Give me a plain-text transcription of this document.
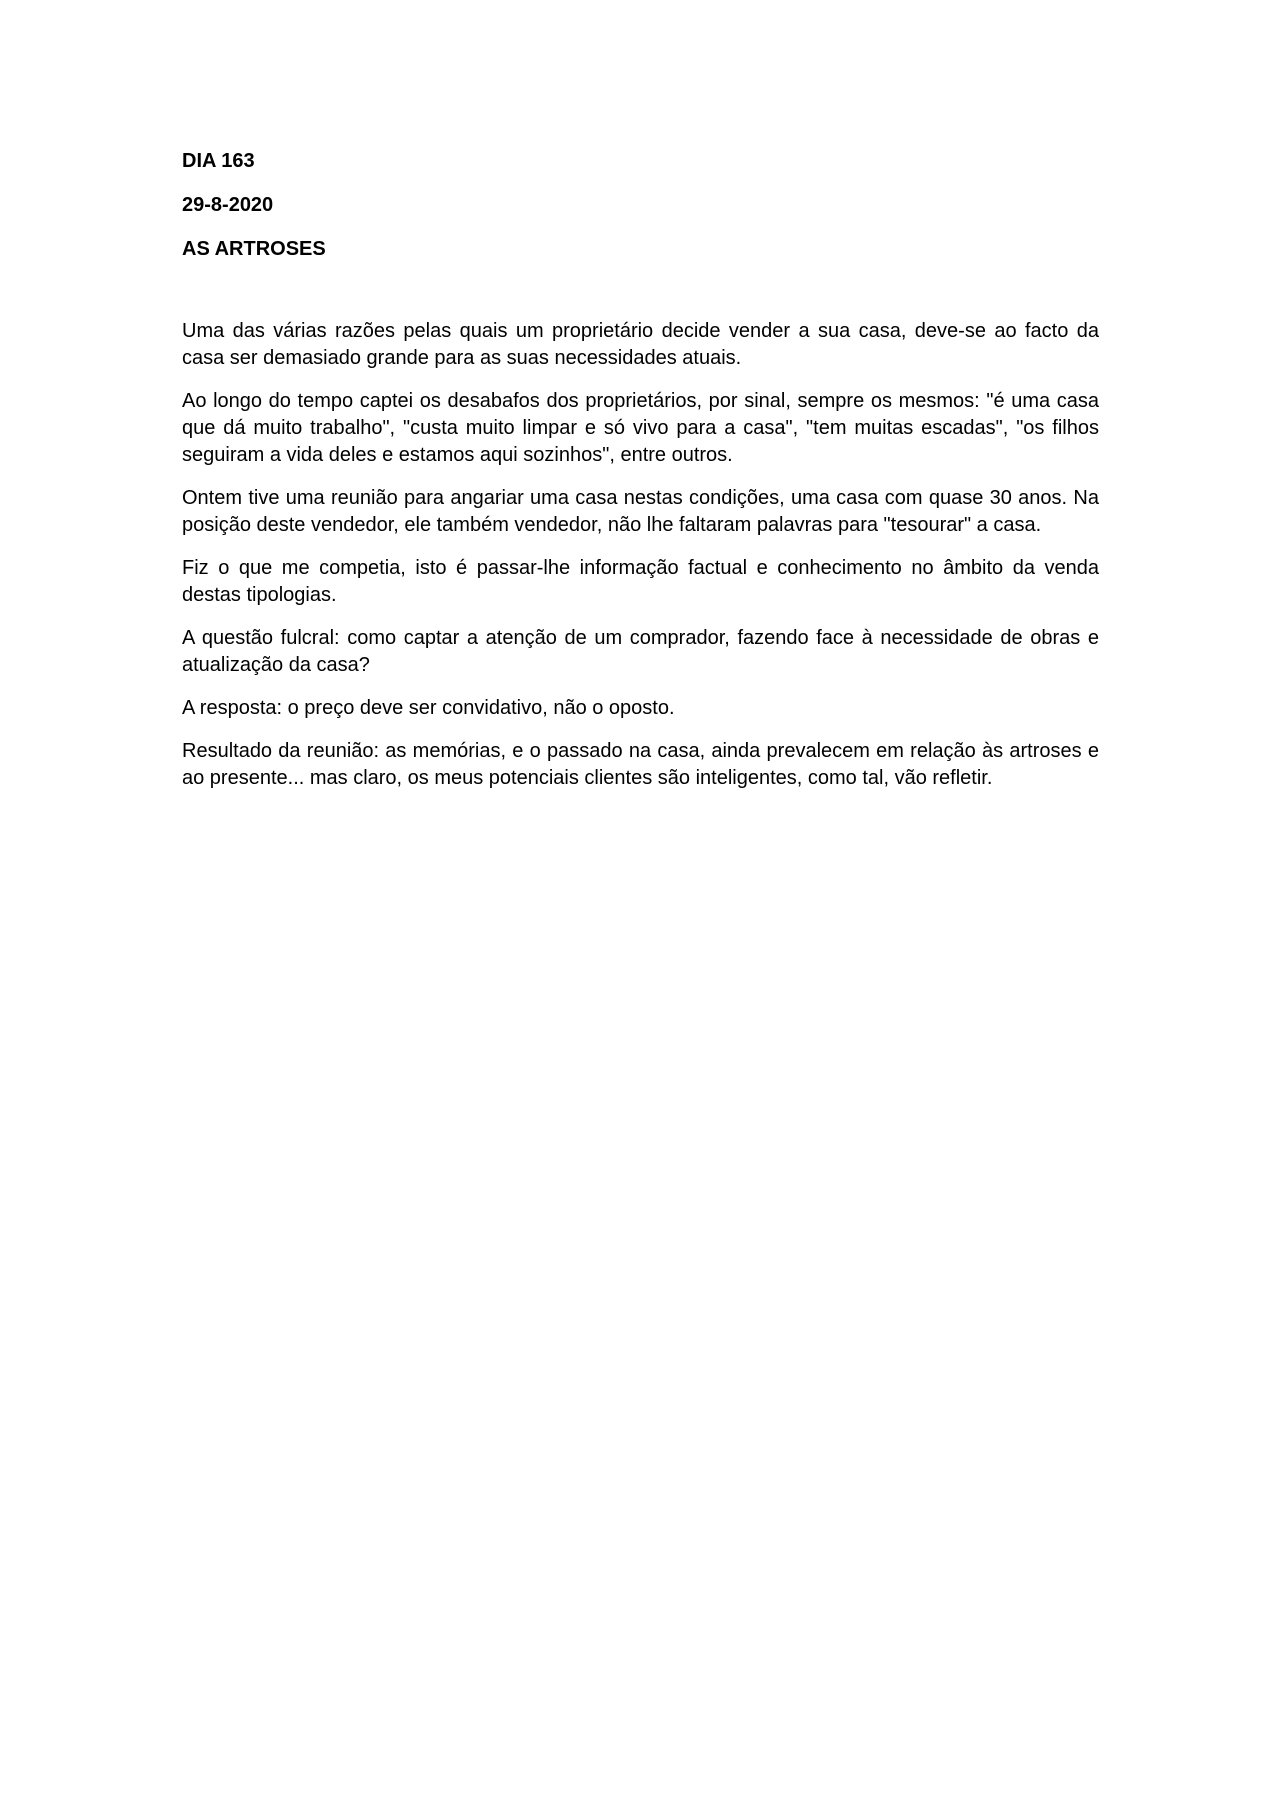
DIA 163
29-8-2020
AS ARTROSES

Uma das várias razões pelas quais um proprietário decide vender a sua casa, deve-se ao facto da casa ser demasiado grande para as suas necessidades atuais.

Ao longo do tempo captei os desabafos dos proprietários, por sinal, sempre os mesmos: "é uma casa que dá muito trabalho", "custa muito limpar e só vivo para a casa", "tem muitas escadas", "os filhos seguiram a vida deles e estamos aqui sozinhos", entre outros.

Ontem tive uma reunião para angariar uma casa nestas condições, uma casa com quase 30 anos. Na posição deste vendedor, ele também vendedor, não lhe faltaram palavras para "tesourar" a casa.

Fiz o que me competia, isto é passar-lhe informação factual e conhecimento no âmbito da venda destas tipologias.

A questão fulcral: como captar a atenção de um comprador, fazendo face à necessidade de obras e atualização da casa?

A resposta: o preço deve ser convidativo, não o oposto.

Resultado da reunião: as memórias, e o passado na casa, ainda prevalecem em relação às artroses e ao presente... mas claro, os meus potenciais clientes são inteligentes, como tal, vão refletir.
